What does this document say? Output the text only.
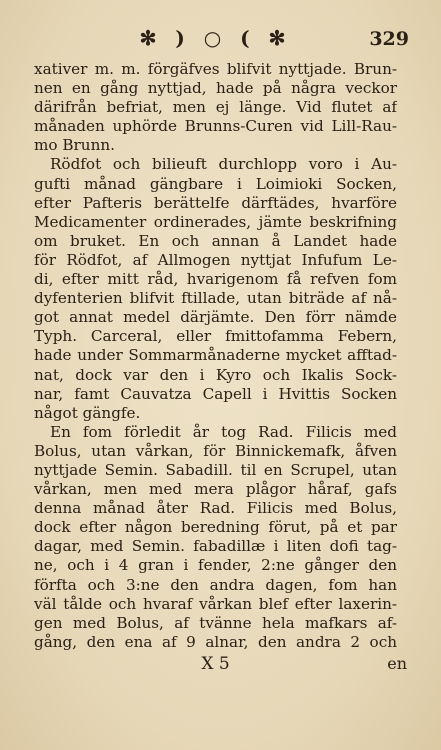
✻ ) ○ ( ✻	329
xativer m. m. förgäfves blifvit nyttjade. Brun-
nen en gång nyttjad, hade på några veckor
därifrån befriat, men ej länge. Vid flutet af
månaden uphörde Brunns-Curen vid Lill-Rau-
mo Brunn.
Rödfot och bilieuft durchlopp voro i Au-
gufti månad gängbare i Loimioki Socken,
efter Pafteris berättelfe därftädes, hvarföre
Medicamenter ordinerades, jämte beskrifning
om bruket. En och annan å Landet hade
för Rödfot, af Allmogen nyttjat Infufum Le-
di, efter mitt råd, hvarigenom få refven fom
dyfenterien blifvit ftillade, utan biträde af nå-
got annat medel därjämte. Den förr nämde
Typh. Carceral, eller fmittofamma Febern,
hade under Sommarmånaderne mycket afftad-
nat, dock var den i Kyro och Ikalis Sock-
nar, famt Cauvatza Capell i Hvittis Socken
något gängfe.
En fom förledit år tog Rad. Filicis med
Bolus, utan vårkan, för Binnickemafk, åfven
nyttjade Semin. Sabadill. til en Scrupel, utan
vårkan, men med mera plågor håraf, gafs
denna månad åter Rad. Filicis med Bolus,
dock efter någon beredning förut, på et par
dagar, med Semin. fabadillæ i liten dofi tag-
ne, och i 4 gran i fender, 2:ne gånger den
förfta och 3:ne den andra dagen, fom han
väl tålde och hvaraf vårkan blef efter laxerin-
gen med Bolus, af tvänne hela mafkars af-
gång, den ena af 9 alnar, den andra 2 och
X 5	en
